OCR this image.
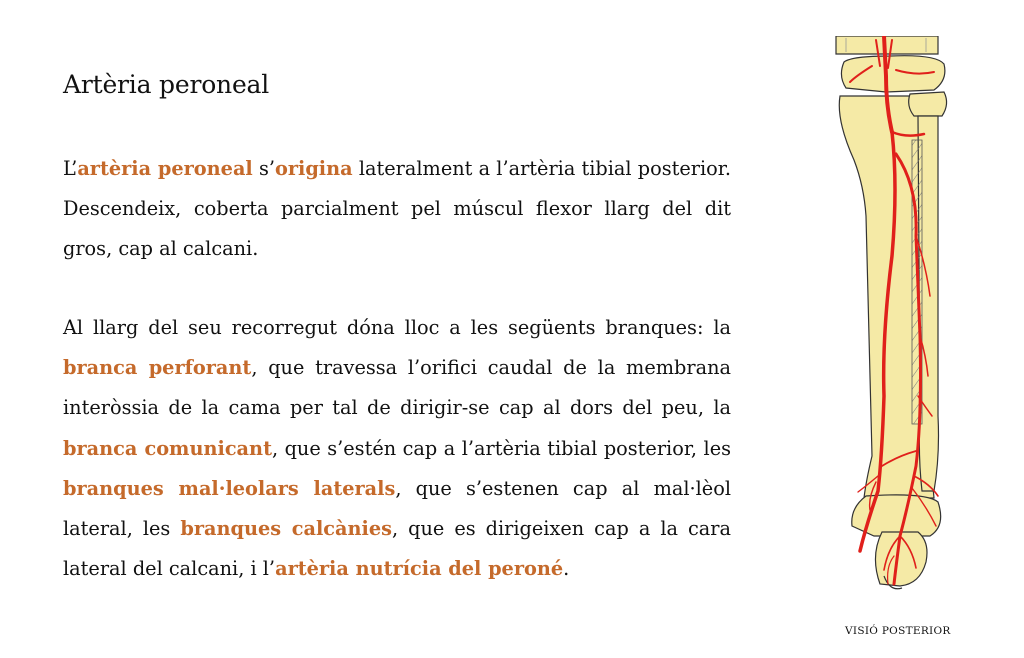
Artèria peroneal

L’artèria peroneal s’origina lateralment a l’artèria tibial posterior. Descendeix, coberta parcialment pel múscul flexor llarg del dit gros, cap al calcani.

Al llarg del seu recorregut dóna lloc a les següents branques: la branca perforant, que travessa l’orifici caudal de la membrana interòssia de la cama per tal de dirigir-se cap al dors del peu, la branca comunicant, que s’estén cap a l’artèria tibial posterior, les branques mal·leolars laterals, que s’estenen cap al mal·lèol lateral, les branques calcànies, que es dirigeixen cap a la cara lateral del calcani, i l’artèria nutrícia del peroné.

VISIÓ POSTERIOR
